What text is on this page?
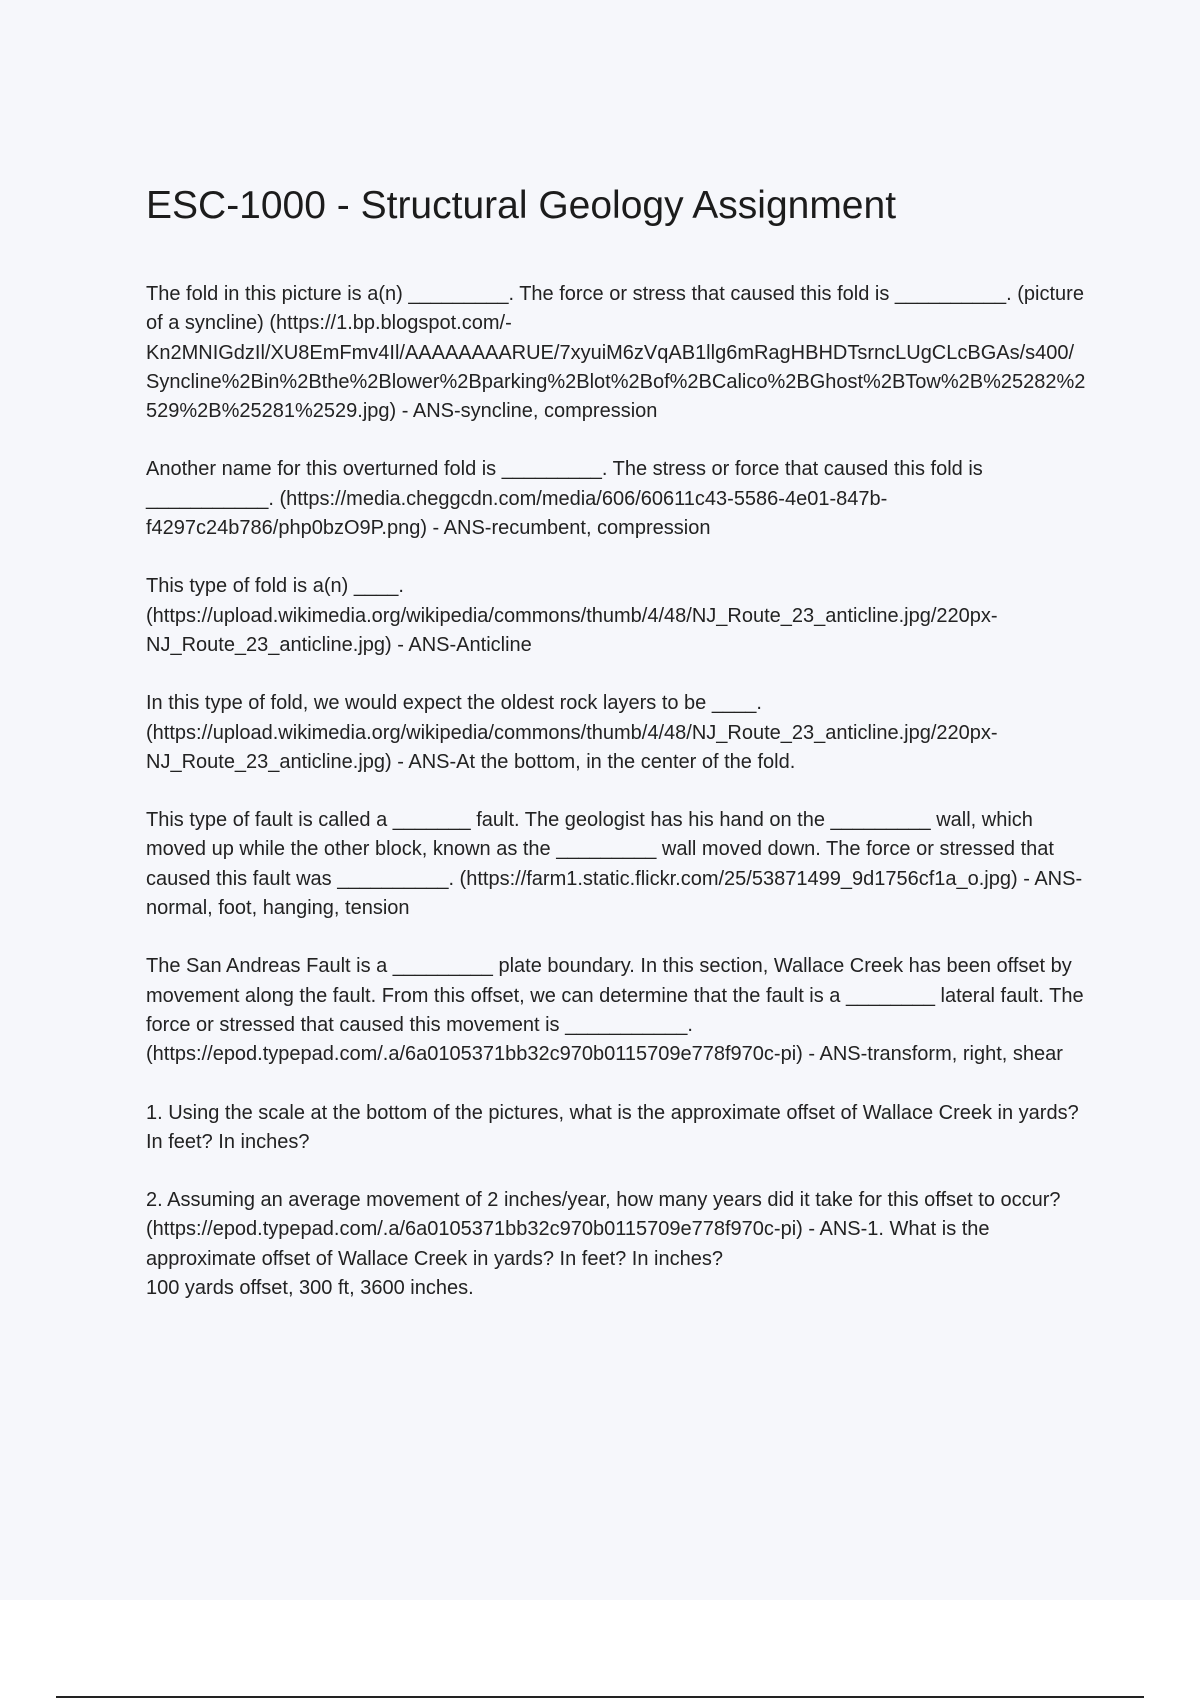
ESC-1000 - Structural Geology Assignment

The fold in this picture is a(n) _________. The force or stress that caused this fold is __________. (picture of a syncline) (https://1.bp.blogspot.com/-Kn2MNIGdzIl/XU8EmFmv4Il/AAAAAAAARUE/7xyuiM6zVqAB1llg6mRagHBHDTsrncLUgCLcBGAs/s400/Syncline%2Bin%2Bthe%2Blower%2Bparking%2Blot%2Bof%2BCalico%2BGhost%2BTow%2B%25282%2529%2B%25281%2529.jpg) - ANS-syncline, compression

Another name for this overturned fold is _________. The stress or force that caused this fold is ___________. (https://media.cheggcdn.com/media/606/60611c43-5586-4e01-847b-f4297c24b786/php0bzO9P.png) - ANS-recumbent, compression

This type of fold is a(n) ____. (https://upload.wikimedia.org/wikipedia/commons/thumb/4/48/NJ_Route_23_anticline.jpg/220px-NJ_Route_23_anticline.jpg) - ANS-Anticline

In this type of fold, we would expect the oldest rock layers to be ____. (https://upload.wikimedia.org/wikipedia/commons/thumb/4/48/NJ_Route_23_anticline.jpg/220px-NJ_Route_23_anticline.jpg) - ANS-At the bottom, in the center of the fold.

This type of fault is called a _______ fault. The geologist has his hand on the _________ wall, which moved up while the other block, known as the _________ wall moved down. The force or stressed that caused this fault was __________. (https://farm1.static.flickr.com/25/53871499_9d1756cf1a_o.jpg) - ANS-normal, foot, hanging, tension

The San Andreas Fault is a _________ plate boundary. In this section, Wallace Creek has been offset by movement along the fault. From this offset, we can determine that the fault is a ________ lateral fault. The force or stressed that caused this movement is ___________. (https://epod.typepad.com/.a/6a0105371bb32c970b0115709e778f970c-pi) - ANS-transform, right, shear

1. Using the scale at the bottom of the pictures, what is the approximate offset of Wallace Creek in yards? In feet? In inches?

2. Assuming an average movement of 2 inches/year, how many years did it take for this offset to occur? (https://epod.typepad.com/.a/6a0105371bb32c970b0115709e778f970c-pi) - ANS-1. What is the approximate offset of Wallace Creek in yards? In feet? In inches?
100 yards offset, 300 ft, 3600 inches.
